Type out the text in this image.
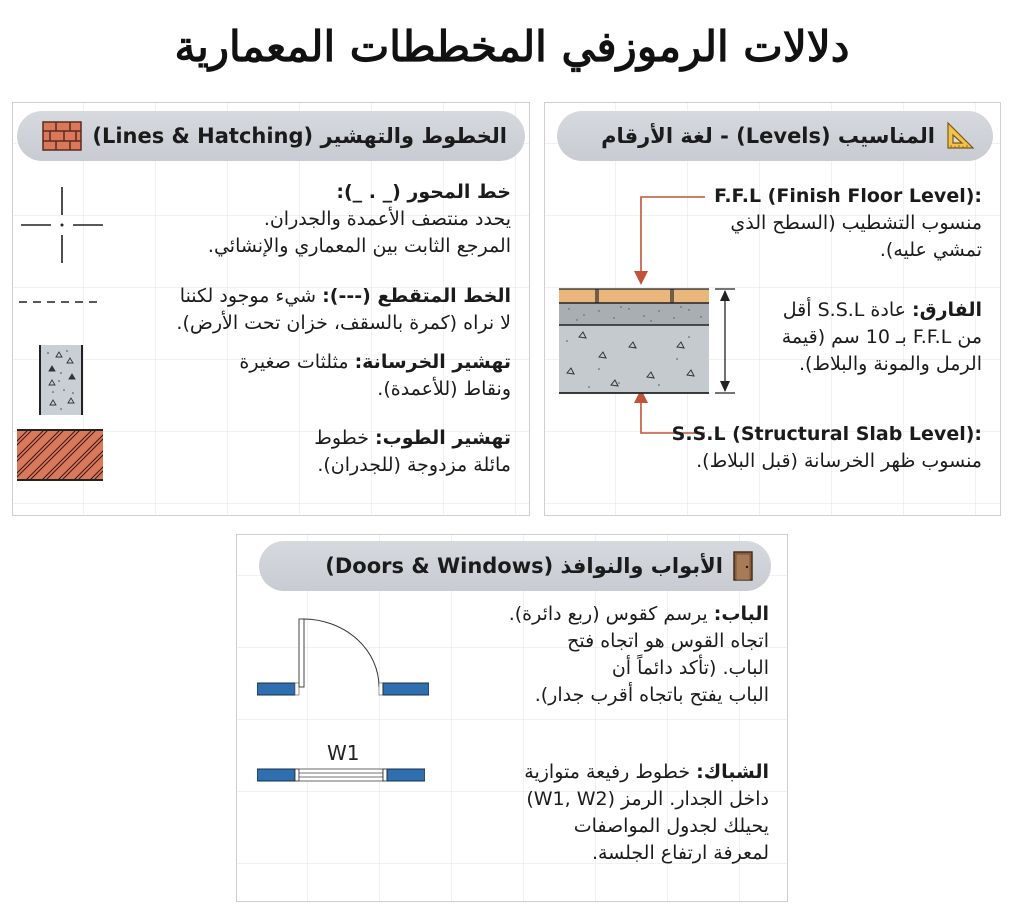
دلالات الرموزفي المخططات المعمارية
الخطوط والتهشير (Lines & Hatching)
خط المحور (_ . _):
يحدد منتصف الأعمدة والجدران.
المرجع الثابت بين المعماري والإنشائي.
الخط المتقطع (---): شيء موجود لكننا
لا نراه (كمرة بالسقف، خزان تحت الأرض).
تهشير الخرسانة: مثلثات صغيرة
ونقاط (للأعمدة).
تهشير الطوب: خطوط
مائلة مزدوجة (للجدران).
المناسيب (Levels) - لغة الأرقام
F.F.L (Finish Floor Level):
منسوب التشطيب (السطح الذي
تمشي عليه).
الفارق: عادة S.S.L أقل
من F.F.L بـ 10 سم (قيمة
الرمل والمونة والبلاط).
S.S.L (Structural Slab Level):
منسوب ظهر الخرسانة (قبل البلاط).
الأبواب والنوافذ (Doors & Windows)
الباب: يرسم كقوس (ربع دائرة).
اتجاه القوس هو اتجاه فتح
الباب. (تأكد دائماً أن
الباب يفتح باتجاه أقرب جدار).
W1
الشباك: خطوط رفيعة متوازية
داخل الجدار. الرمز (W1, W2)
يحيلك لجدول المواصفات
لمعرفة ارتفاع الجلسة.
